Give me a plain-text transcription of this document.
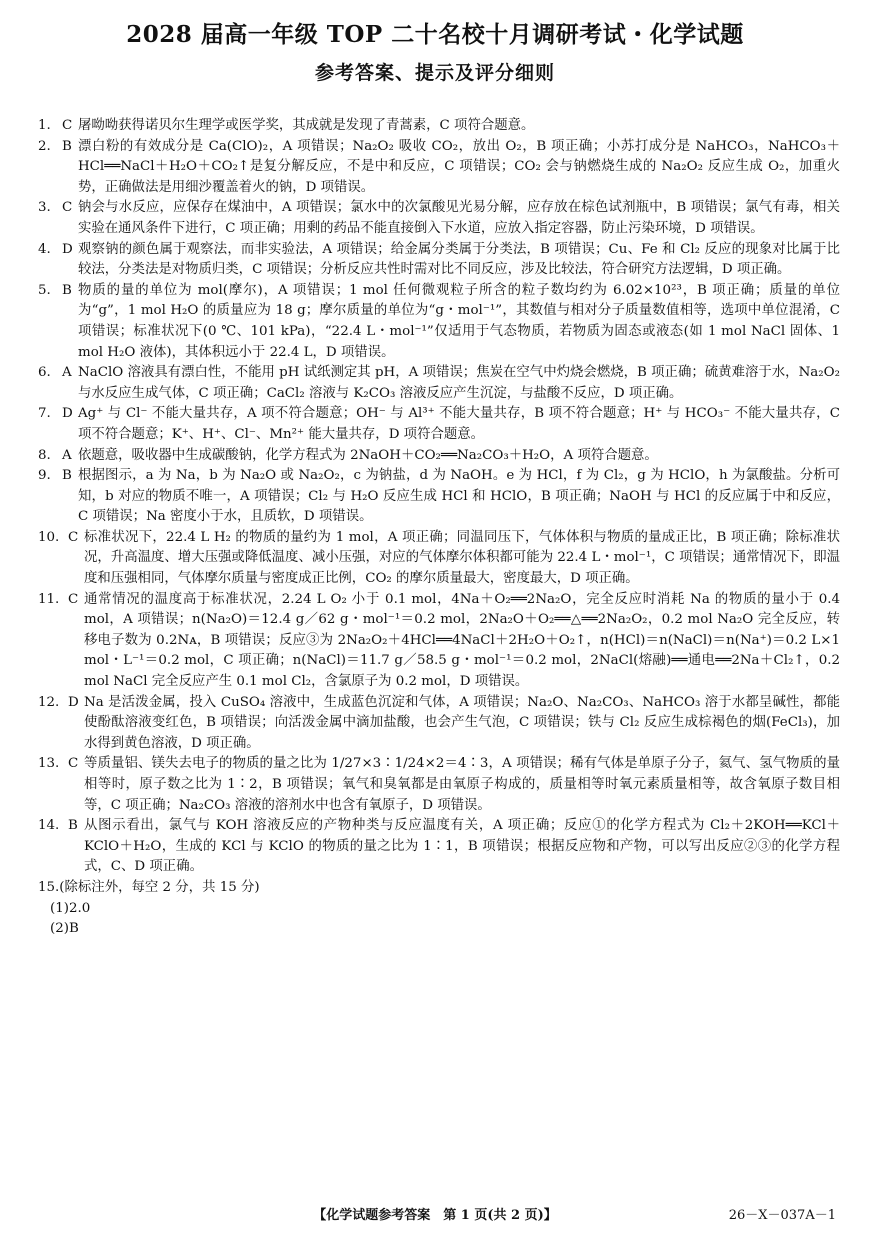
2028 届高一年级 TOP 二十名校十月调研考试・化学试题
参考答案、提示及评分细则
1. C 屠呦呦获得诺贝尔生理学或医学奖，其成就是发现了青蒿素，C 项符合题意。
2. B 漂白粉的有效成分是 Ca(ClO)₂，A 项错误；Na₂O₂ 吸收 CO₂，放出 O₂，B 项正确；小苏打成分是 NaHCO₃，NaHCO₃＋HCl══NaCl＋H₂O＋CO₂↑是复分解反应，不是中和反应，C 项错误；CO₂ 会与钠燃烧生成的 Na₂O₂ 反应生成 O₂，加重火势，正确做法是用细沙覆盖着火的钠，D 项错误。
3. C 钠会与水反应，应保存在煤油中，A 项错误；氯水中的次氯酸见光易分解，应存放在棕色试剂瓶中，B 项错误；氯气有毒，相关实验在通风条件下进行，C 项正确；用剩的药品不能直接倒入下水道，应放入指定容器，防止污染环境，D 项错误。
4. D 观察钠的颜色属于观察法，而非实验法，A 项错误；给金属分类属于分类法，B 项错误；Cu、Fe 和 Cl₂ 反应的现象对比属于比较法，分类法是对物质归类，C 项错误；分析反应共性时需对比不同反应，涉及比较法，符合研究方法逻辑，D 项正确。
5. B 物质的量的单位为 mol(摩尔)，A 项错误；1 mol 任何微观粒子所含的粒子数均约为 6.02×10²³，B 项正确；质量的单位为“g”，1 mol H₂O 的质量应为 18 g；摩尔质量的单位为“g・mol⁻¹”，其数值与相对分子质量数值相等，选项中单位混淆，C 项错误；标准状况下(0 ℃、101 kPa)，“22.4 L・mol⁻¹”仅适用于气态物质，若物质为固态或液态(如 1 mol NaCl 固体、1 mol H₂O 液体)，其体积远小于 22.4 L，D 项错误。
6. A NaClO 溶液具有漂白性，不能用 pH 试纸测定其 pH，A 项错误；焦炭在空气中灼烧会燃烧，B 项正确；硫黄难溶于水，Na₂O₂ 与水反应生成气体，C 项正确；CaCl₂ 溶液与 K₂CO₃ 溶液反应产生沉淀，与盐酸不反应，D 项正确。
7. D Ag⁺ 与 Cl⁻ 不能大量共存，A 项不符合题意；OH⁻ 与 Al³⁺ 不能大量共存，B 项不符合题意；H⁺ 与 HCO₃⁻ 不能大量共存，C 项不符合题意；K⁺、H⁺、Cl⁻、Mn²⁺ 能大量共存，D 项符合题意。
8. A 依题意，吸收器中生成碳酸钠，化学方程式为 2NaOH＋CO₂══Na₂CO₃＋H₂O，A 项符合题意。
9. B 根据图示，a 为 Na，b 为 Na₂O 或 Na₂O₂，c 为钠盐，d 为 NaOH。e 为 HCl，f 为 Cl₂，g 为 HClO，h 为氯酸盐。分析可知，b 对应的物质不唯一，A 项错误；Cl₂ 与 H₂O 反应生成 HCl 和 HClO，B 项正确；NaOH 与 HCl 的反应属于中和反应，C 项错误；Na 密度小于水，且质软，D 项错误。
10. C 标准状况下，22.4 L H₂ 的物质的量约为 1 mol，A 项正确；同温同压下，气体体积与物质的量成正比，B 项正确；除标准状况，升高温度、增大压强或降低温度、减小压强，对应的气体摩尔体积都可能为 22.4 L・mol⁻¹，C 项错误；通常情况下，即温度和压强相同，气体摩尔质量与密度成正比例，CO₂ 的摩尔质量最大，密度最大，D 项正确。
11. C 通常情况的温度高于标准状况，2.24 L O₂ 小于 0.1 mol，4Na＋O₂══2Na₂O，完全反应时消耗 Na 的物质的量小于 0.4 mol，A 项错误；n(Na₂O)＝12.4 g／62 g・mol⁻¹＝0.2 mol，2Na₂O＋O₂══△══2Na₂O₂，0.2 mol Na₂O 完全反应，转移电子数为 0.2Nᴀ，B 项错误；反应③为 2Na₂O₂＋4HCl══4NaCl＋2H₂O＋O₂↑，n(HCl)＝n(NaCl)＝n(Na⁺)＝0.2 L×1 mol・L⁻¹＝0.2 mol，C 项正确；n(NaCl)＝11.7 g／58.5 g・mol⁻¹＝0.2 mol，2NaCl(熔融)══通电══2Na＋Cl₂↑，0.2 mol NaCl 完全反应产生 0.1 mol Cl₂，含氯原子为 0.2 mol，D 项错误。
12. D Na 是活泼金属，投入 CuSO₄ 溶液中，生成蓝色沉淀和气体，A 项错误；Na₂O、Na₂CO₃、NaHCO₃ 溶于水都呈碱性，都能使酚酞溶液变红色，B 项错误；向活泼金属中滴加盐酸，也会产生气泡，C 项错误；铁与 Cl₂ 反应生成棕褐色的烟(FeCl₃)，加水得到黄色溶液，D 项正确。
13. C 等质量铝、镁失去电子的物质的量之比为 1/27×3∶1/24×2＝4∶3，A 项错误；稀有气体是单原子分子，氦气、氢气物质的量相等时，原子数之比为 1∶2，B 项错误；氧气和臭氧都是由氧原子构成的，质量相等时氧元素质量相等，故含氧原子数目相等，C 项正确；Na₂CO₃ 溶液的溶剂水中也含有氧原子，D 项错误。
14. B 从图示看出，氯气与 KOH 溶液反应的产物种类与反应温度有关，A 项正确；反应①的化学方程式为 Cl₂＋2KOH══KCl＋KClO＋H₂O，生成的 KCl 与 KClO 的物质的量之比为 1∶1，B 项错误；根据反应物和产物，可以写出反应②③的化学方程式，C、D 项正确。
15.(除标注外，每空 2 分，共 15 分)
(1)2.0
(2)B
【化学试题参考答案　第 1 页(共 2 页)】	26－X－037A－1
